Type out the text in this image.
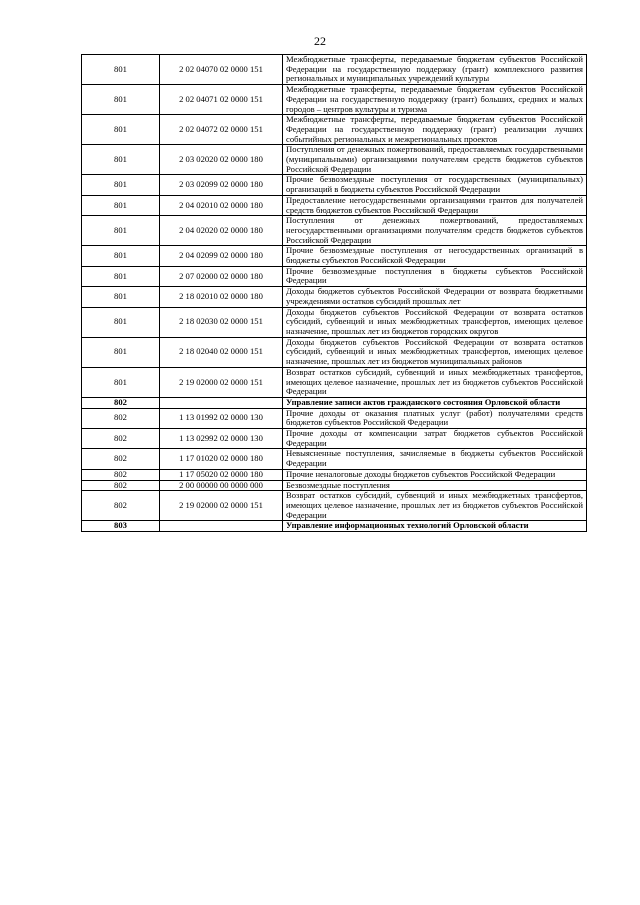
22
801	2 02 04070 02 0000 151	Межбюджетные трансферты, передаваемые бюджетам субъектов Российской Федерации на государственную поддержку (грант) комплексного развития региональных и муниципальных учреждений культуры
801	2 02 04071 02 0000 151	Межбюджетные трансферты, передаваемые бюджетам субъектов Российской Федерации на государственную поддержку (грант) больших, средних и малых городов – центров культуры и туризма
801	2 02 04072 02 0000 151	Межбюджетные трансферты, передаваемые бюджетам субъектов Российской Федерации на государственную поддержку (грант) реализации лучших событийных региональных и межрегиональных проектов
801	2 03 02020 02 0000 180	Поступления от денежных пожертвований, предоставляемых государственными (муниципальными) организациями получателям средств бюджетов субъектов Российской Федерации
801	2 03 02099 02 0000 180	Прочие безвозмездные поступления от государственных (муниципальных) организаций в бюджеты субъектов Российской Федерации
801	2 04 02010 02 0000 180	Предоставление негосударственными организациями грантов для получателей средств бюджетов субъектов Российской Федерации
801	2 04 02020 02 0000 180	Поступления от денежных пожертвований, предоставляемых негосударственными организациями получателям средств бюджетов субъектов Российской Федерации
801	2 04 02099 02 0000 180	Прочие безвозмездные поступления от негосударственных организаций в бюджеты субъектов Российской Федерации
801	2 07 02000 02 0000 180	Прочие безвозмездные поступления в бюджеты субъектов Российской Федерации
801	2 18 02010 02 0000 180	Доходы бюджетов субъектов Российской Федерации от возврата бюджетными учреждениями остатков субсидий прошлых лет
801	2 18 02030 02 0000 151	Доходы бюджетов субъектов Российской Федерации от возврата остатков субсидий, субвенций и иных межбюджетных трансфертов, имеющих целевое назначение, прошлых лет из бюджетов городских округов
801	2 18 02040 02 0000 151	Доходы бюджетов субъектов Российской Федерации от возврата остатков субсидий, субвенций и иных межбюджетных трансфертов, имеющих целевое назначение, прошлых лет из бюджетов муниципальных районов
801	2 19 02000 02 0000 151	Возврат остатков субсидий, субвенций и иных межбюджетных трансфертов, имеющих целевое назначение, прошлых лет из бюджетов субъектов Российской Федерации
802		Управление записи актов гражданского состояния Орловской области
802	1 13 01992 02 0000 130	Прочие доходы от оказания платных услуг (работ) получателями средств бюджетов субъектов Российской Федерации
802	1 13 02992 02 0000 130	Прочие доходы от компенсации затрат бюджетов субъектов Российской Федерации
802	1 17 01020 02 0000 180	Невыясненные поступления, зачисляемые в бюджеты субъектов Российской Федерации
802	1 17 05020 02 0000 180	Прочие неналоговые доходы бюджетов субъектов Российской Федерации
802	2 00 00000 00 0000 000	Безвозмездные поступления
802	2 19 02000 02 0000 151	Возврат остатков субсидий, субвенций и иных межбюджетных трансфертов, имеющих целевое назначение, прошлых лет из бюджетов субъектов Российской Федерации
803		Управление информационных технологий Орловской области
